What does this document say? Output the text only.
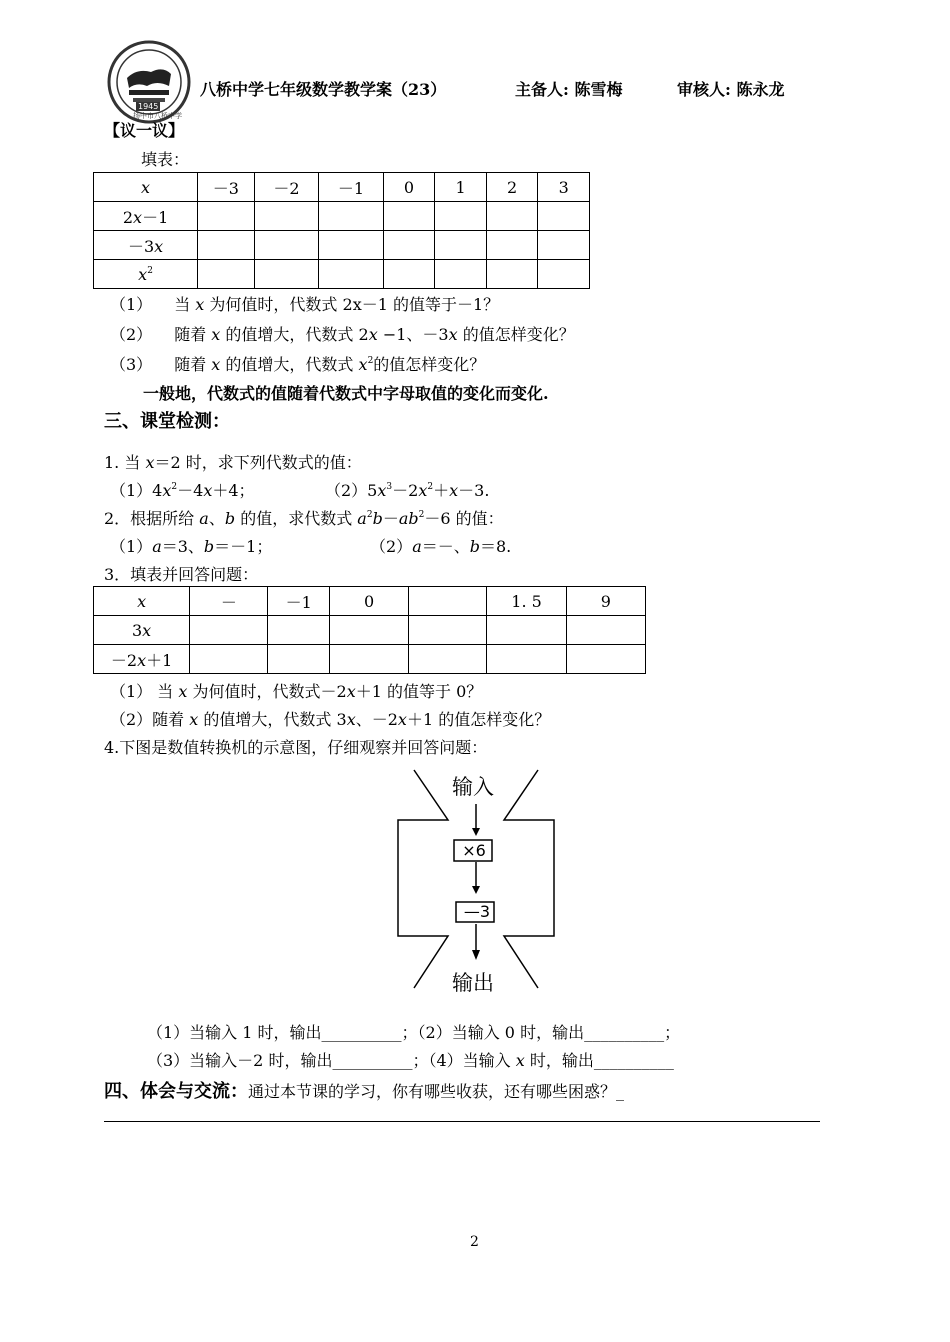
1945
扬中市八桥中学
八桥中学七年级数学教学案（23）	主备人: 陈雪梅	审核人: 陈永龙
【议一议】
填表：
x	－3	－2	－1	0	1	2	3
2x－1							
－3x							
$x^2$							
（1） 当 x 为何值时，代数式 2x－1 的值等于－1？
（2） 随着 x 的值增大，代数式 2x −1、－3x 的值怎样变化？
（3） 随着 x 的值增大，代数式 $x^2$的值怎样变化？
一般地，代数式的值随着代数式中字母取值的变化而变化.
三、课堂检测：
1. 当 x＝2 时，求下列代数式的值：
$(1)4x^2-4x+4$；	$(2)5x^3-2x^2+x-3$.
2．根据所给 a、b 的值，求代数式 $a^2b-ab^2-6$ 的值：
（1）a＝3、b＝－1；	（2）a＝－、b＝8.
3．填表并回答问题：
x	－	－1	0		1. 5	9
3x						
－2x＋1						
（1） 当 x 为何值时，代数式－2x＋1 的值等于 0？
（2）随着 x 的值增大，代数式 3x、－2x＋1 的值怎样变化？
4.下图是数值转换机的示意图，仔细观察并回答问题：
输入
×6
—3
输出
（1）当输入 1 时，输出__________；（2）当输入 0 时，输出__________；
（3）当输入－2 时，输出__________；（4）当输入 x 时，输出__________
四、体会与交流：通过本节课的学习，你有哪些收获，还有哪些困惑？_
2
